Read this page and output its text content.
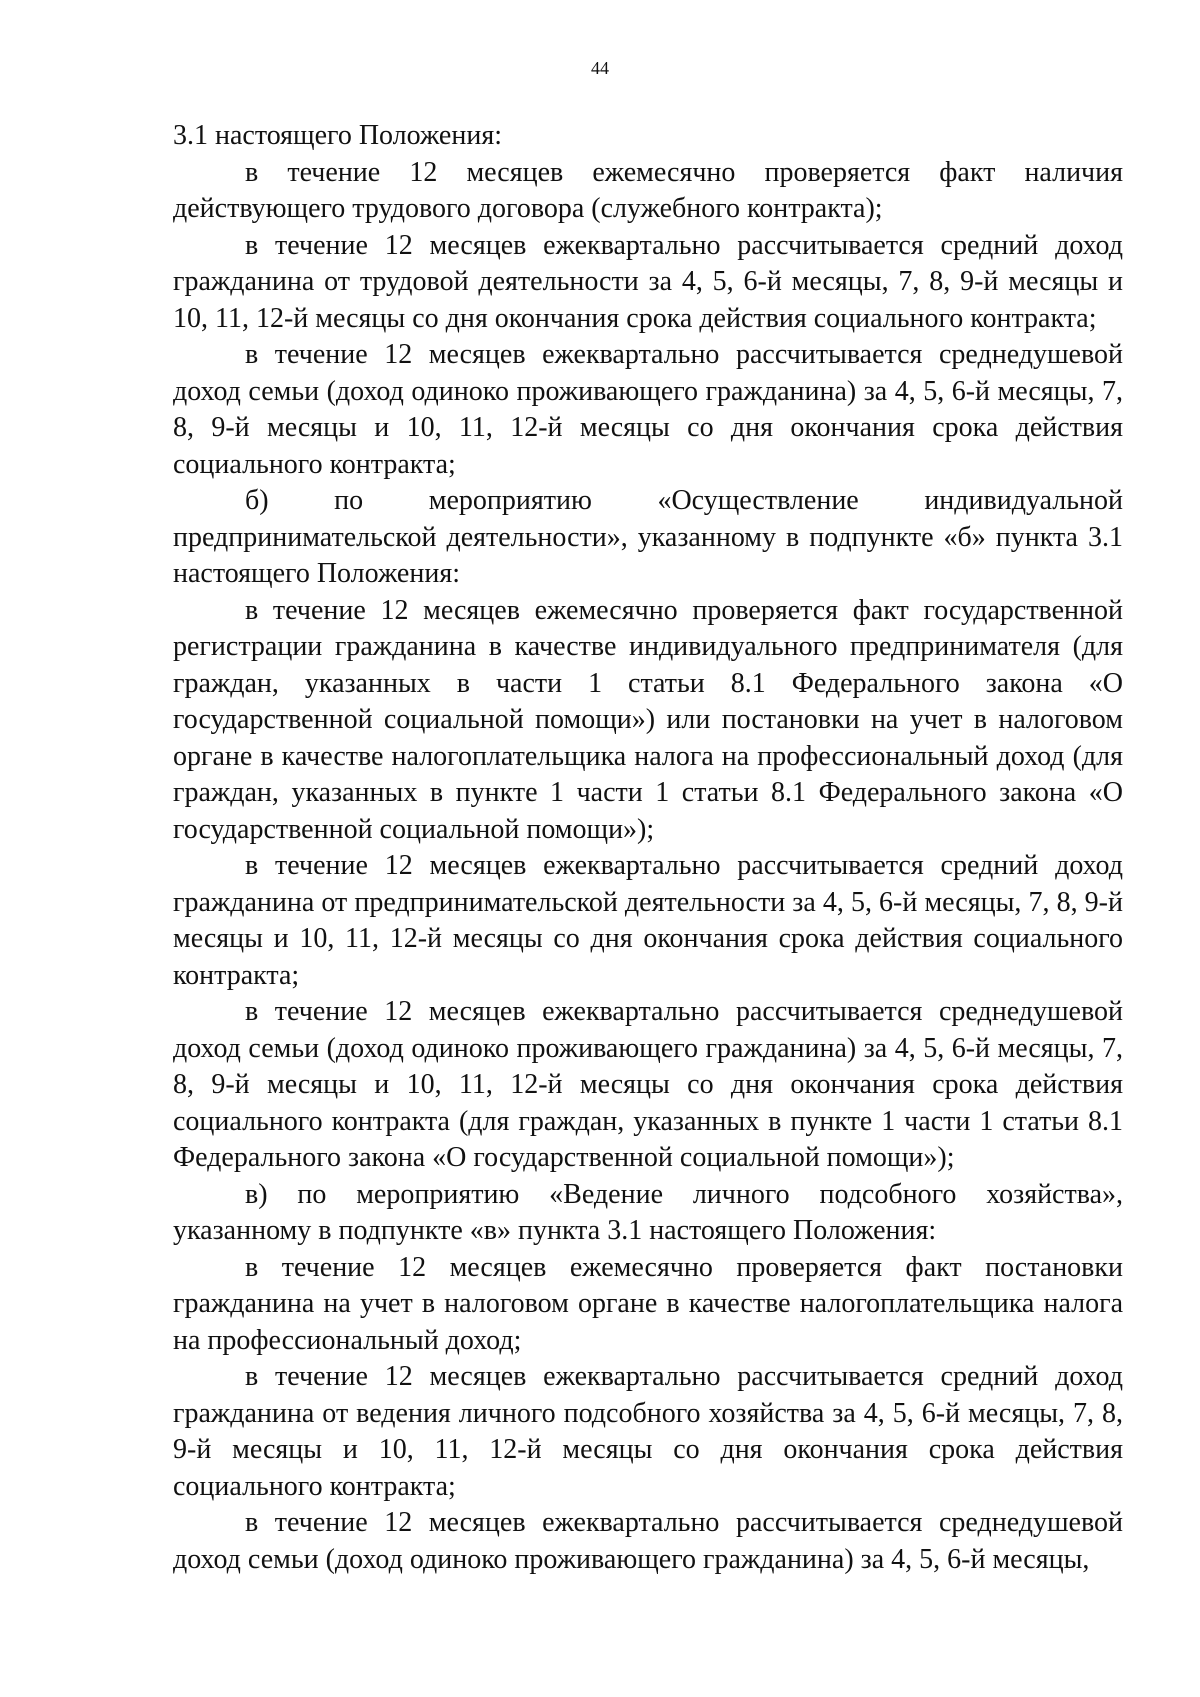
44

3.1 настоящего Положения:

в течение 12 месяцев ежемесячно проверяется факт наличия действующего трудового договора (служебного контракта);

в течение 12 месяцев ежеквартально рассчитывается средний доход гражданина от трудовой деятельности за 4, 5, 6-й месяцы, 7, 8, 9-й месяцы и 10, 11, 12-й месяцы со дня окончания срока действия социального контракта;

в течение 12 месяцев ежеквартально рассчитывается среднедушевой доход семьи (доход одиноко проживающего гражданина) за 4, 5, 6-й месяцы, 7, 8, 9-й месяцы и 10, 11, 12-й месяцы со дня окончания срока действия социального контракта;

б) по мероприятию «Осуществление индивидуальной предпринимательской деятельности», указанному в подпункте «б» пункта 3.1 настоящего Положения:

в течение 12 месяцев ежемесячно проверяется факт государственной регистрации гражданина в качестве индивидуального предпринимателя (для граждан, указанных в части 1 статьи 8.1 Федерального закона «О государственной социальной помощи») или постановки на учет в налоговом органе в качестве налогоплательщика налога на профессиональный доход (для граждан, указанных в пункте 1 части 1 статьи 8.1 Федерального закона «О государственной социальной помощи»);

в течение 12 месяцев ежеквартально рассчитывается средний доход гражданина от предпринимательской деятельности за 4, 5, 6-й месяцы, 7, 8, 9-й месяцы и 10, 11, 12-й месяцы со дня окончания срока действия социального контракта;

в течение 12 месяцев ежеквартально рассчитывается среднедушевой доход семьи (доход одиноко проживающего гражданина) за 4, 5, 6-й месяцы, 7, 8, 9-й месяцы и 10, 11, 12-й месяцы со дня окончания срока действия социального контракта (для граждан, указанных в пункте 1 части 1 статьи 8.1 Федерального закона «О государственной социальной помощи»);

в) по мероприятию «Ведение личного подсобного хозяйства», указанному в подпункте «в» пункта 3.1 настоящего Положения:

в течение 12 месяцев ежемесячно проверяется факт постановки гражданина на учет в налоговом органе в качестве налогоплательщика налога на профессиональный доход;

в течение 12 месяцев ежеквартально рассчитывается средний доход гражданина от ведения личного подсобного хозяйства за 4, 5, 6-й месяцы, 7, 8, 9-й месяцы и 10, 11, 12-й месяцы со дня окончания срока действия социального контракта;

в течение 12 месяцев ежеквартально рассчитывается среднедушевой доход семьи (доход одиноко проживающего гражданина) за 4, 5, 6-й месяцы,
